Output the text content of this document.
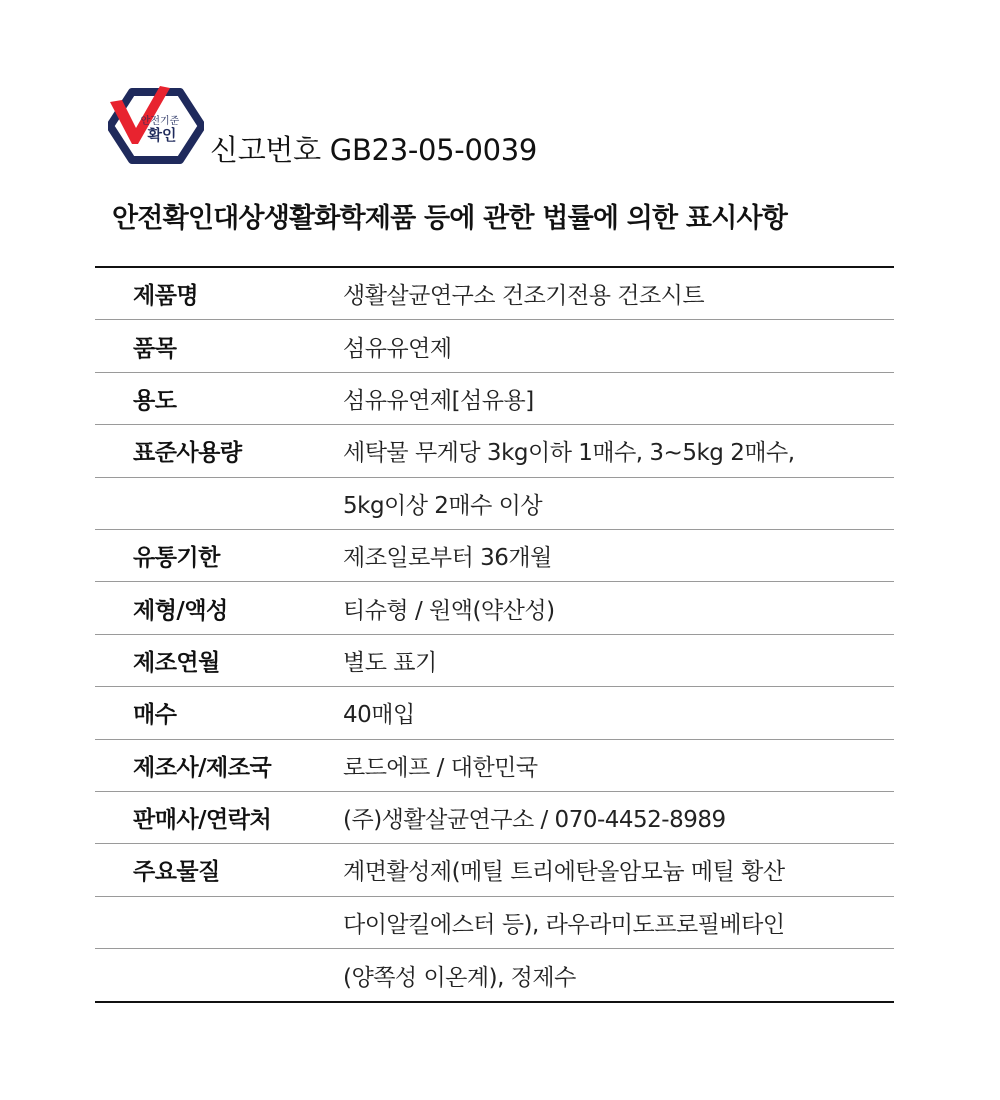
안전기준
확인 신고번호 GB23-05-0039
안전확인대상생활화학제품 등에 관한 법률에 의한 표시사항
제품명	생활살균연구소 건조기전용 건조시트
품목	섬유유연제
용도	섬유유연제[섬유용]
표준사용량	세탁물 무게당 3kg이하 1매수, 3~5kg 2매수,
5kg이상 2매수 이상
유통기한	제조일로부터 36개월
제형/액성	티슈형 / 원액(약산성)
제조연월	별도 표기
매수	40매입
제조사/제조국	로드에프 / 대한민국
판매사/연락처	(주)생활살균연구소 / 070-4452-8989
주요물질	계면활성제(메틸 트리에탄올암모늄 메틸 황산
다이알킬에스터 등), 라우라미도프로필베타인
(양쪽성 이온계), 정제수
